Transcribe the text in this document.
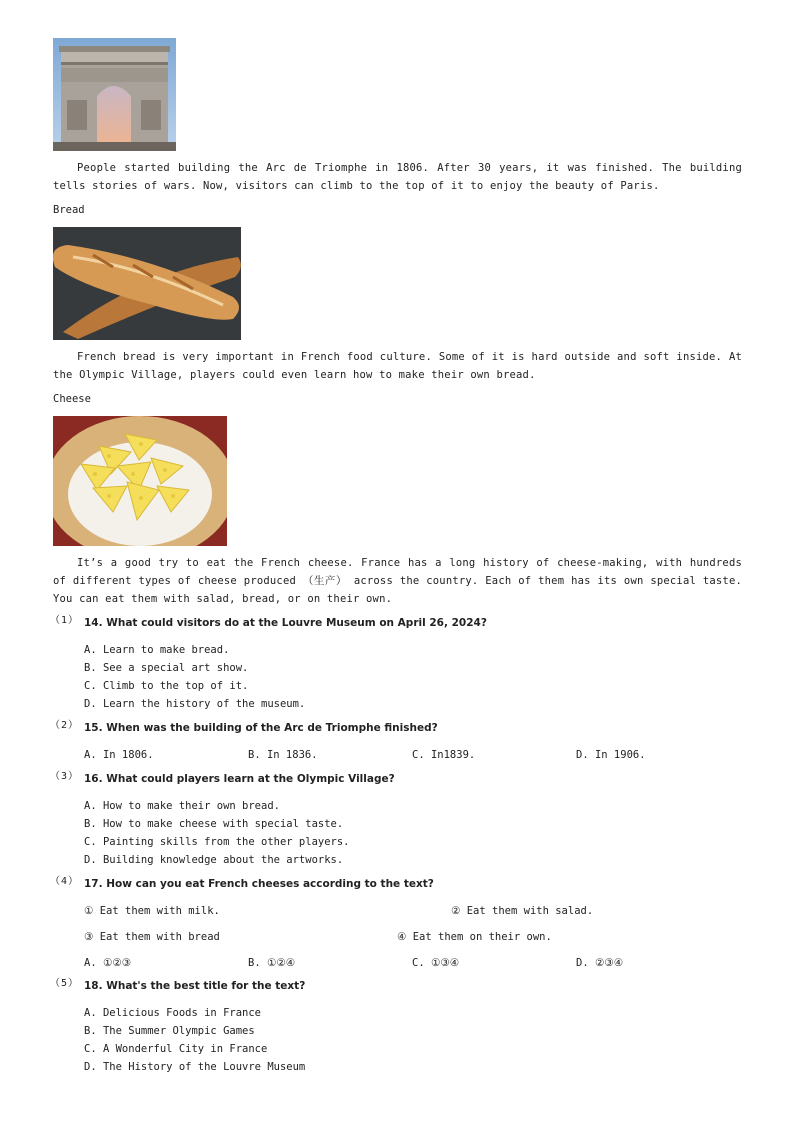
People started building the Arc de Triomphe in 1806. After 30 years, it was finished. The building tells stories of wars. Now, visitors can climb to the top of it to enjoy the beauty of Paris.
Bread
French bread is very important in French food culture. Some of it is hard outside and soft inside. At the Olympic Village, players could even learn how to make their own bread.
Cheese
It’s a good try to eat the French cheese. France has a long history of cheese-making, with hundreds of different types of cheese produced （生产） across the country. Each of them has its own special taste. You can eat them with salad, bread, or on their own.
（1） 14. What could visitors do at the Louvre Museum on April 26, 2024?
A. Learn to make bread.
B. See a special art show.
C. Climb to the top of it.
D. Learn the history of the museum.
（2） 15. When was the building of the Arc de Triomphe finished?
A. In 1806.	B. In 1836.	C. In1839.	D. In 1906.
（3） 16. What could players learn at the Olympic Village?
A. How to make their own bread.
B. How to make cheese with special taste.
C. Painting skills from the other players.
D. Building knowledge about the artworks.
（4） 17. How can you eat French cheeses according to the text?
① Eat them with milk.	② Eat them with salad.
③ Eat them with bread	④ Eat them on their own.
A. ①②③	B. ①②④	C. ①③④	D. ②③④
（5） 18. What's the best title for the text?
A. Delicious Foods in France
B. The Summer Olympic Games
C. A Wonderful City in France
D. The History of the Louvre Museum
